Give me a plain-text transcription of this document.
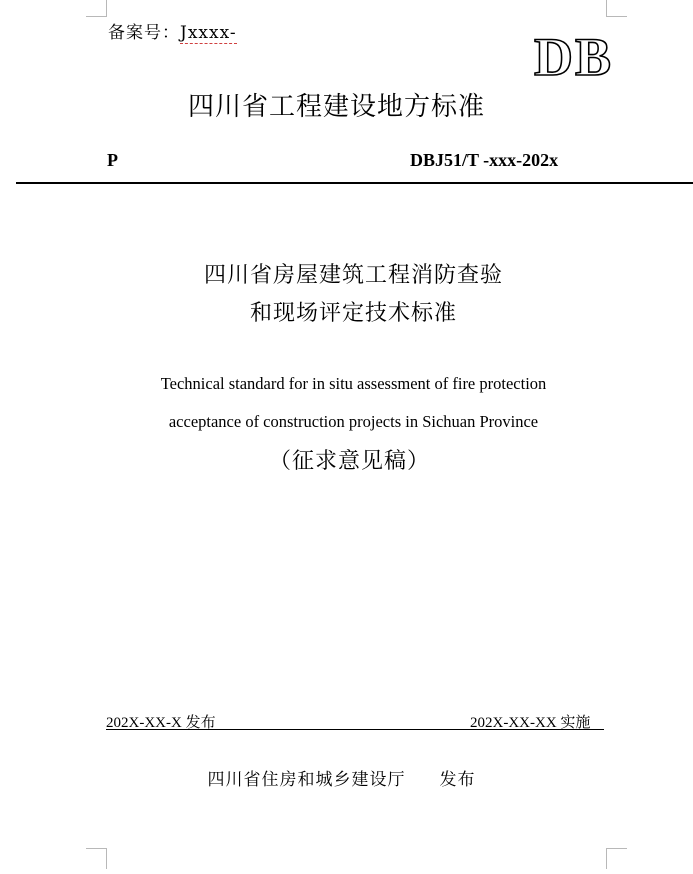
备案号：Jxxxx-	DB
四川省工程建设地方标准
P	DBJ51/T -xxx-202x
四川省房屋建筑工程消防查验
和现场评定技术标准
Technical standard for in situ assessment of fire protection
acceptance of construction projects in Sichuan Province
（征求意见稿）
202X-XX-X 发布	202X-XX-XX 实施
四川省住房和城乡建设厅 发布
